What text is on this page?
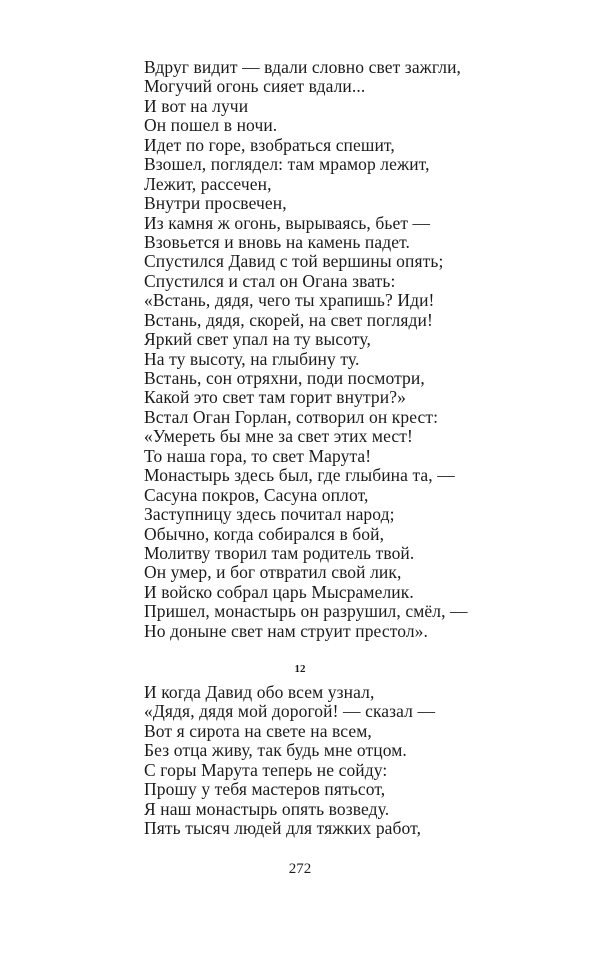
Вдруг видит — вдали словно свет зажгли,
Могучий огонь сияет вдали...
И вот на лучи
Он пошел в ночи.
Идет по горе, взобраться спешит,
Взошел, поглядел: там мрамор лежит,
Лежит, рассечен,
Внутри просвечен,
Из камня ж огонь, вырываясь, бьет —
Взовьется и вновь на камень падет.
Спустился Давид с той вершины опять;
Спустился и стал он Огана звать:
«Встань, дядя, чего ты храпишь? Иди!
Встань, дядя, скорей, на свет погляди!
Яркий свет упал на ту высоту,
На ту высоту, на глыбину ту.
Встань, сон отряхни, поди посмотри,
Какой это свет там горит внутри?»
Встал Оган Горлан, сотворил он крест:
«Умереть бы мне за свет этих мест!
То наша гора, то свет Марута!
Монастырь здесь был, где глыбина та, —
Сасуна покров, Сасуна оплот,
Заступницу здесь почитал народ;
Обычно, когда собирался в бой,
Молитву творил там родитель твой.
Он умер, и бог отвратил свой лик,
И войско собрал царь Мысрамелик.
Пришел, монастырь он разрушил, смёл, —
Но доныне свет нам струит престол».
12
И когда Давид обо всем узнал,
«Дядя, дядя мой дорогой! — сказал —
Вот я сирота на свете на всем,
Без отца живу, так будь мне отцом.
С горы Марута теперь не сойду:
Прошу у тебя мастеров пятьсот,
Я наш монастырь опять возведу.
Пять тысяч людей для тяжких работ,
272
